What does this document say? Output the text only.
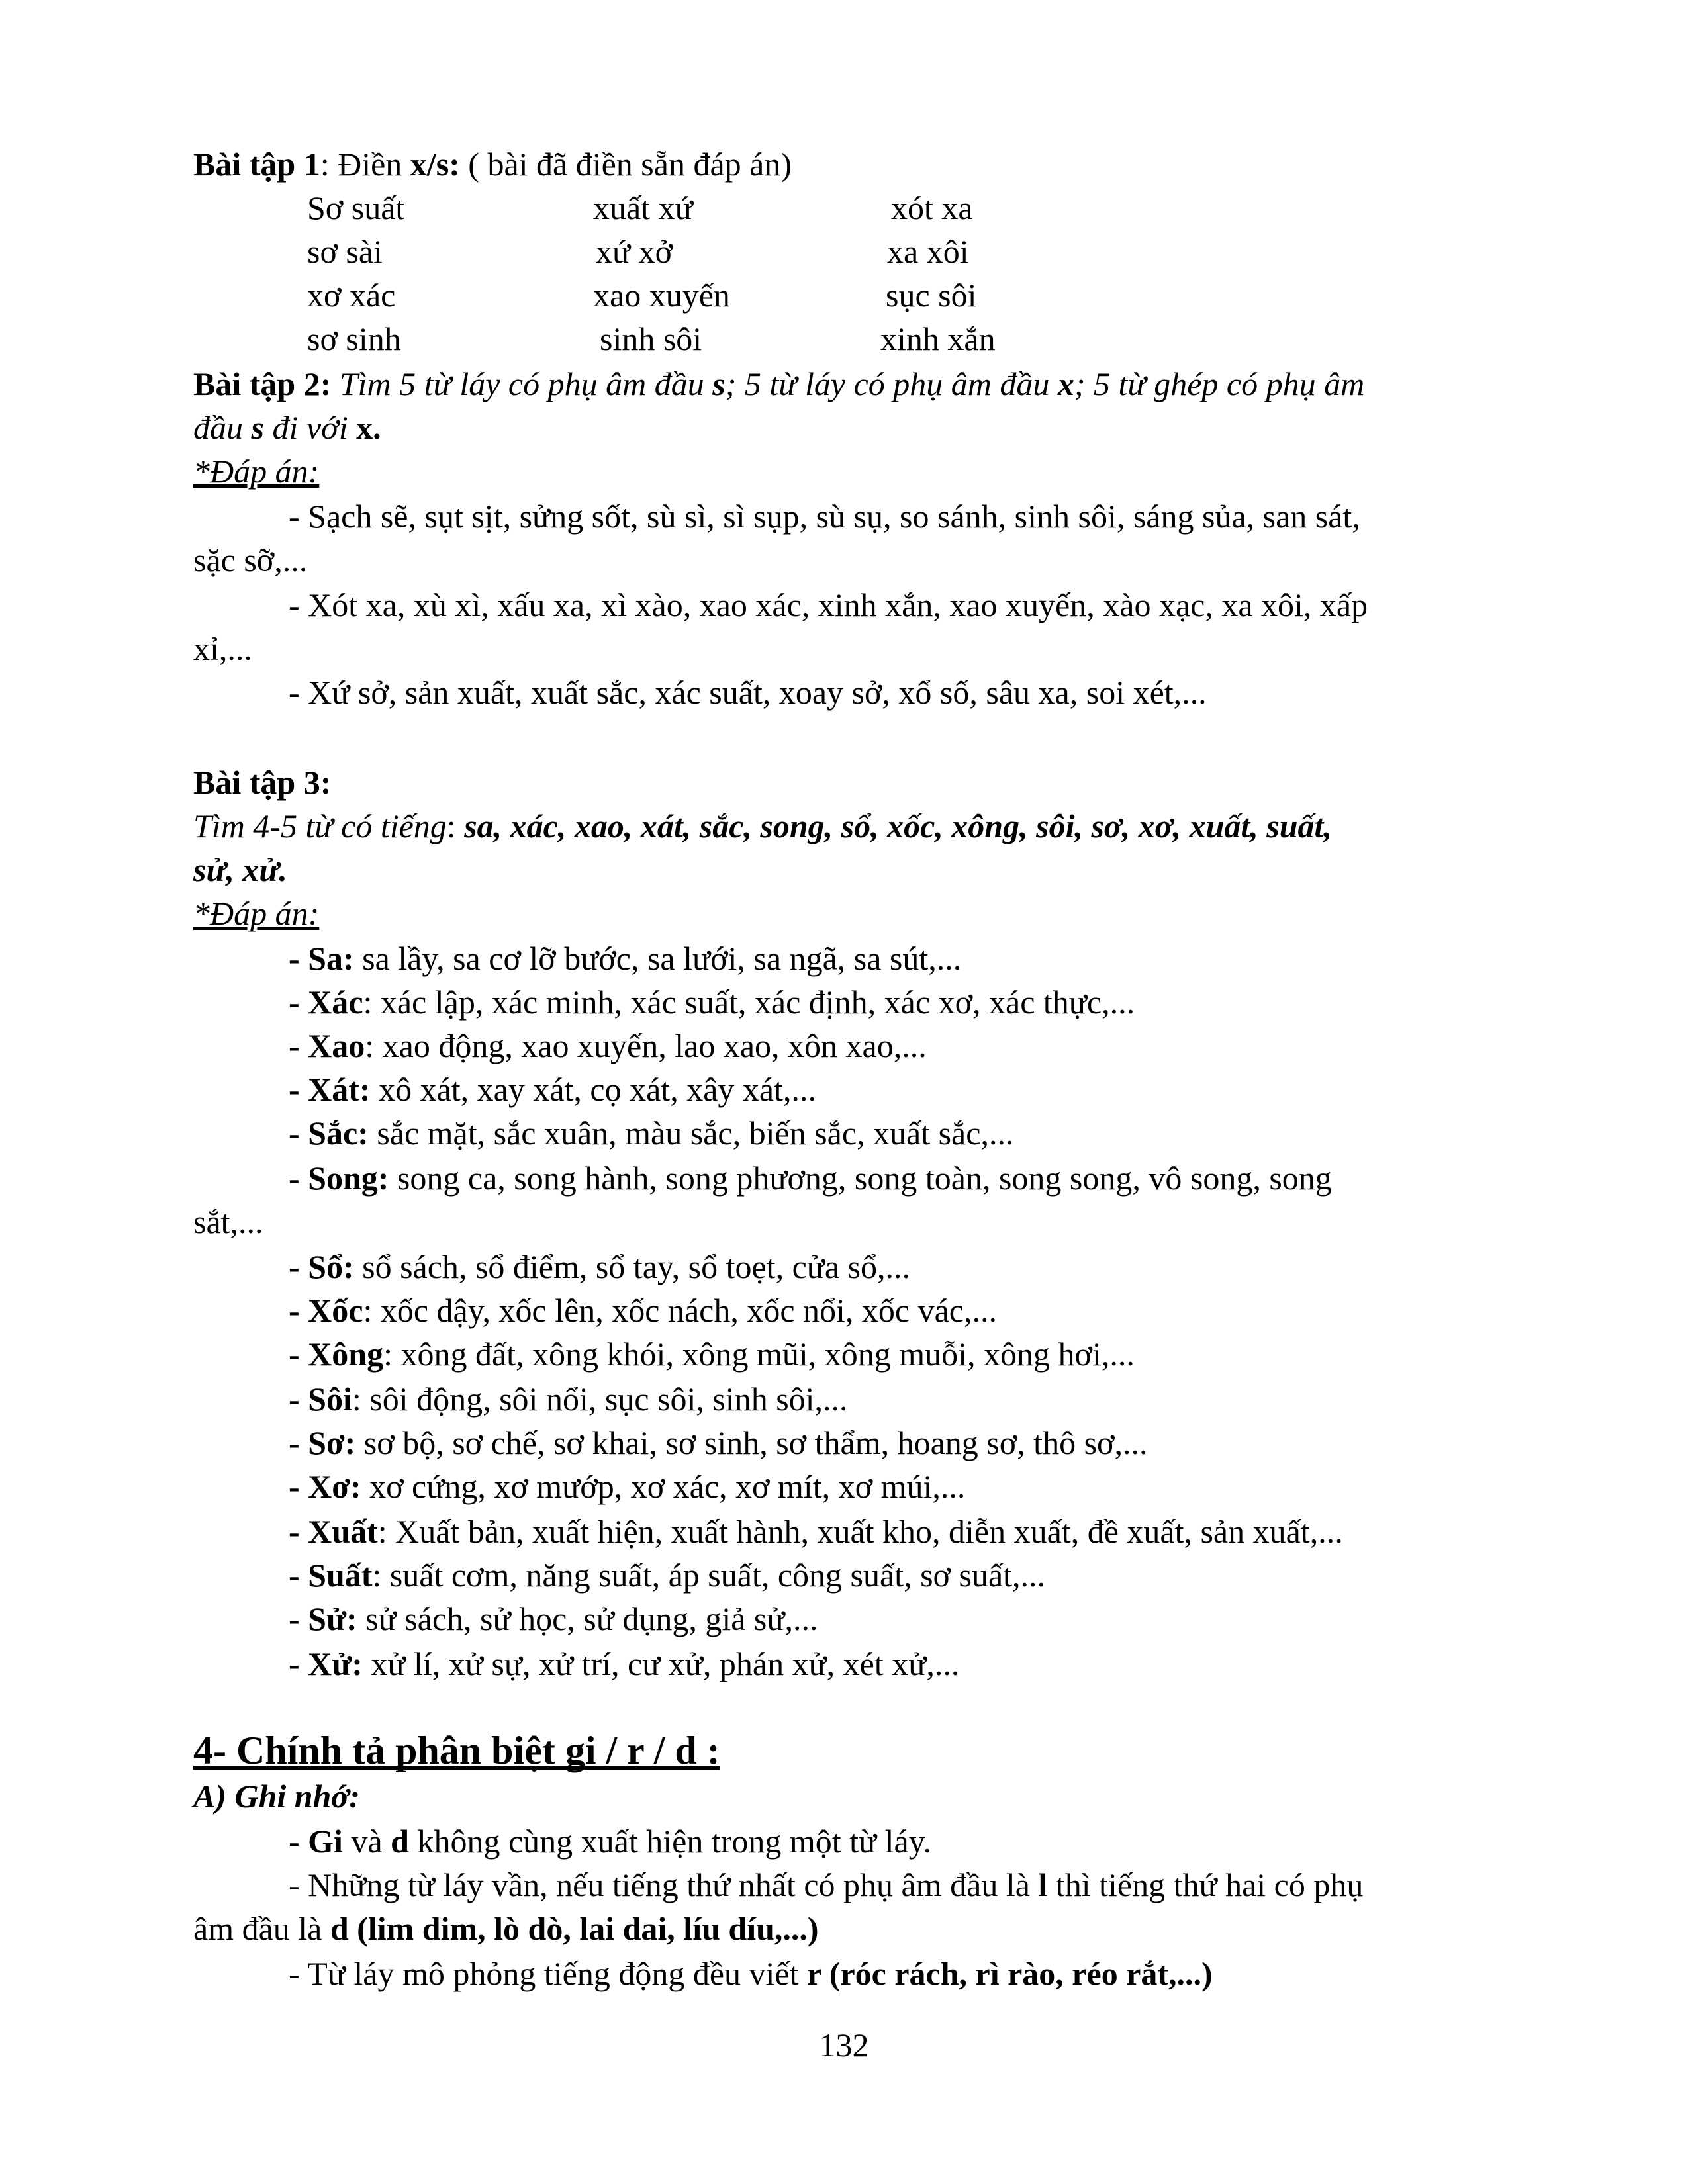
Bài tập 1: Điền x/s: ( bài đã điền sẵn đáp án)
Sơ suất	xuất xứ	xót xa
sơ sài	xứ xở	xa xôi
xơ xác	xao xuyến	sục sôi
sơ sinh	sinh sôi	xinh xắn
Bài tập 2: Tìm 5 từ láy có phụ âm đầu s; 5 từ láy có phụ âm đầu x; 5 từ ghép có phụ âm
đầu s đi với x.
*Đáp án:
- Sạch sẽ, sụt sịt, sửng sốt, sù sì, sì sụp, sù sụ, so sánh, sinh sôi, sáng sủa, san sát,
sặc sỡ,...
- Xót xa, xù xì, xấu xa, xì xào, xao xác, xinh xắn, xao xuyến, xào xạc, xa xôi, xấp
xỉ,...
- Xứ sở, sản xuất, xuất sắc, xác suất, xoay sở, xổ số, sâu xa, soi xét,...
Bài tập 3:
Tìm 4-5 từ có tiếng: sa, xác, xao, xát, sắc, song, sổ, xốc, xông, sôi, sơ, xơ, xuất, suất,
sử, xử.
*Đáp án:
- Sa: sa lầy, sa cơ lỡ bước, sa lưới, sa ngã, sa sút,...
- Xác: xác lập, xác minh, xác suất, xác định, xác xơ, xác thực,...
- Xao: xao động, xao xuyến, lao xao, xôn xao,...
- Xát: xô xát, xay xát, cọ xát, xây xát,...
- Sắc: sắc mặt, sắc xuân, màu sắc, biến sắc, xuất sắc,...
- Song: song ca, song hành, song phương, song toàn, song song, vô song, song
sắt,...
- Sổ: sổ sách, sổ điểm, sổ tay, sổ toẹt, cửa sổ,...
- Xốc: xốc dậy, xốc lên, xốc nách, xốc nổi, xốc vác,...
- Xông: xông đất, xông khói, xông mũi, xông muỗi, xông hơi,...
- Sôi: sôi động, sôi nổi, sục sôi, sinh sôi,...
- Sơ: sơ bộ, sơ chế, sơ khai, sơ sinh, sơ thẩm, hoang sơ, thô sơ,...
- Xơ: xơ cứng, xơ mướp, xơ xác, xơ mít, xơ múi,...
- Xuất: Xuất bản, xuất hiện, xuất hành, xuất kho, diễn xuất, đề xuất, sản xuất,...
- Suất: suất cơm, năng suất, áp suất, công suất, sơ suất,...
- Sử: sử sách, sử học, sử dụng, giả sử,...
- Xử: xử lí, xử sự, xử trí, cư xử, phán xử, xét xử,...
4- Chính tả phân biệt gi / r / d :
A) Ghi nhớ:
- Gi và d không cùng xuất hiện trong một từ láy.
- Những từ láy vần, nếu tiếng thứ nhất có phụ âm đầu là l thì tiếng thứ hai có phụ
âm đầu là d (lim dim, lò dò, lai dai, líu díu,...)
- Từ láy mô phỏng tiếng động đều viết r (róc rách, rì rào, réo rắt,...)
132
